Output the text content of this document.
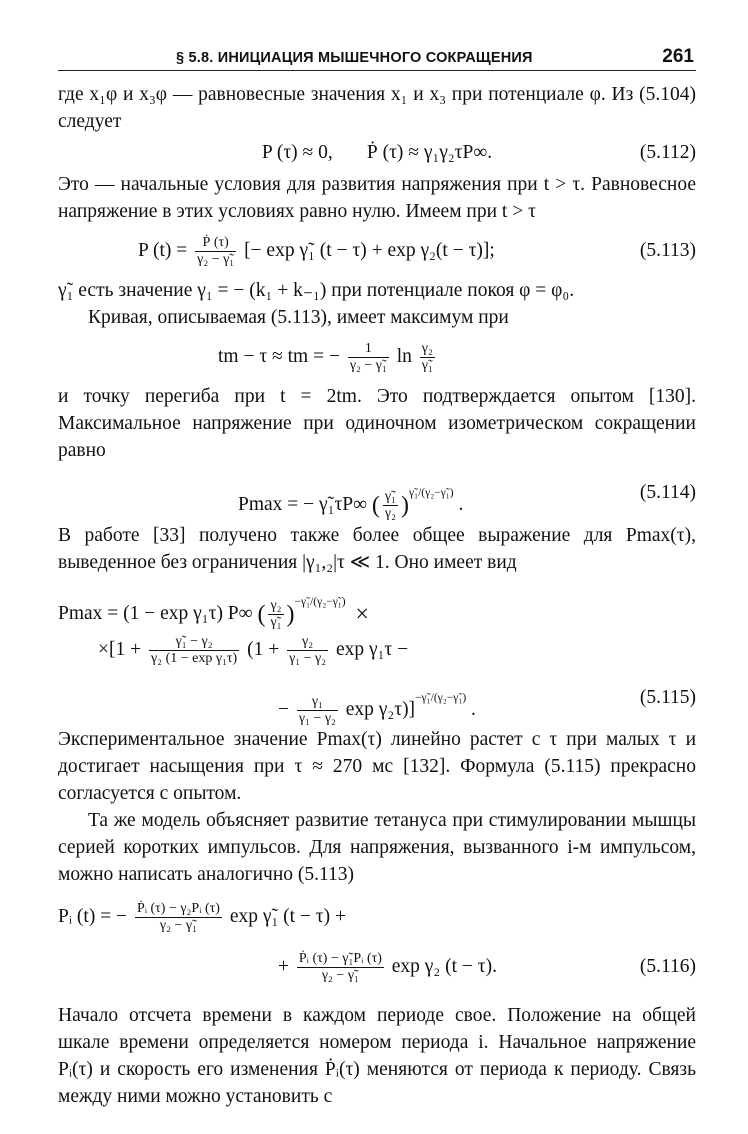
§ 5.8. ИНИЦИАЦИЯ МЫШЕЧНОГО СОКРАЩЕНИЯ	261

где x₁φ и x₃φ — равновесные значения x₁ и x₃ при потенциале φ. Из (5.104) следует

P (τ) ≈ 0, Ṗ (τ) ≈ γ₁γ₂τP∞.	(5.112)

Это — начальные условия для развития напряжения при t > τ. Равновесное напряжение в этих условиях равно нулю. Имеем при t > τ

P $(t) = \frac{\text{Ṗ (τ)}}{\text{γ₂ − γ̃₁}}$ [− exp γ̃₁ (t − τ) + exp γ₂(t − τ)];	(5.113)

γ̃₁ есть значение γ₁ = − (k₁ + k₋₁) при потенциале покоя φ = φ₀.

Кривая, описываемая (5.113), имеет максимум при

tm − τ ≈ tm = − $\frac{1}{\text{γ₂ − γ̃₁}}$ $\ln \frac{\text{γ₂}}{\text{γ̃₁}}$

и точку перегиба при t = 2tm. Это подтверждается опытом [130]. Максимальное напряжение при одиночном изометрическом сокращении равно

Pmax = − γ̃₁τP∞ ( $\frac{\text{γ̃₁}}{\text{γ₂}} )^{\gammã_1/(\gamma_2-\gammã_1)}$ .
(5.114)

В работе [33] получено также более общее выражение для Pmax(τ), выведенное без ограничения |γ₁,₂|τ ≪ 1. Оно имеет вид

Pmax = (1 − exp γ₁τ) P∞ ( $\frac{\text{γ₂}}{\text{γ̃₁}} )^{-\gammã_1/(\gamma_2-\gammã_1)}$ ×
$\times[1 + \frac{\text{γ̃₁ − γ₂}}{\text{γ₂ (1 − exp γ₁τ)}} (1 + \frac{\text{γ₂}}{\text{γ₁ − γ₂}}$ exp γ₁τ −
− $\frac{\text{γ₁}}{\text{γ₁ − γ₂}}$ exp γ₂τ)]$^{-\gammã_1/(\gamma_2-\gammã_1)}$ .
(5.115)

Экспериментальное значение Pmax(τ) линейно растет с τ при малых τ и достигает насыщения при τ ≈ 270 мс [132]. Формула (5.115) прекрасно согласуется с опытом.

Та же модель объясняет развитие тетануса при стимулировании мышцы серией коротких импульсов. Для напряжения, вызванного i-м импульсом, можно написать аналогично (5.113)

Pᵢ (t) = − $\frac{\text{Ṗᵢ (τ) − γ₂Pᵢ (τ)}}{\text{γ₂ − γ̃₁}}$ exp γ̃₁ (t − τ) +
+ $\frac{\text{Ṗᵢ (τ) − γ̃₁Pᵢ (τ)}}{\text{γ₂ − γ̃₁}}$ exp γ₂ (t − τ).	(5.116)

Начало отсчета времени в каждом периоде свое. Положение на общей шкале времени определяется номером периода i. Начальное напряжение Pᵢ(τ) и скорость его изменения Ṗᵢ(τ) меняются от периода к периоду. Связь между ними можно установить с
